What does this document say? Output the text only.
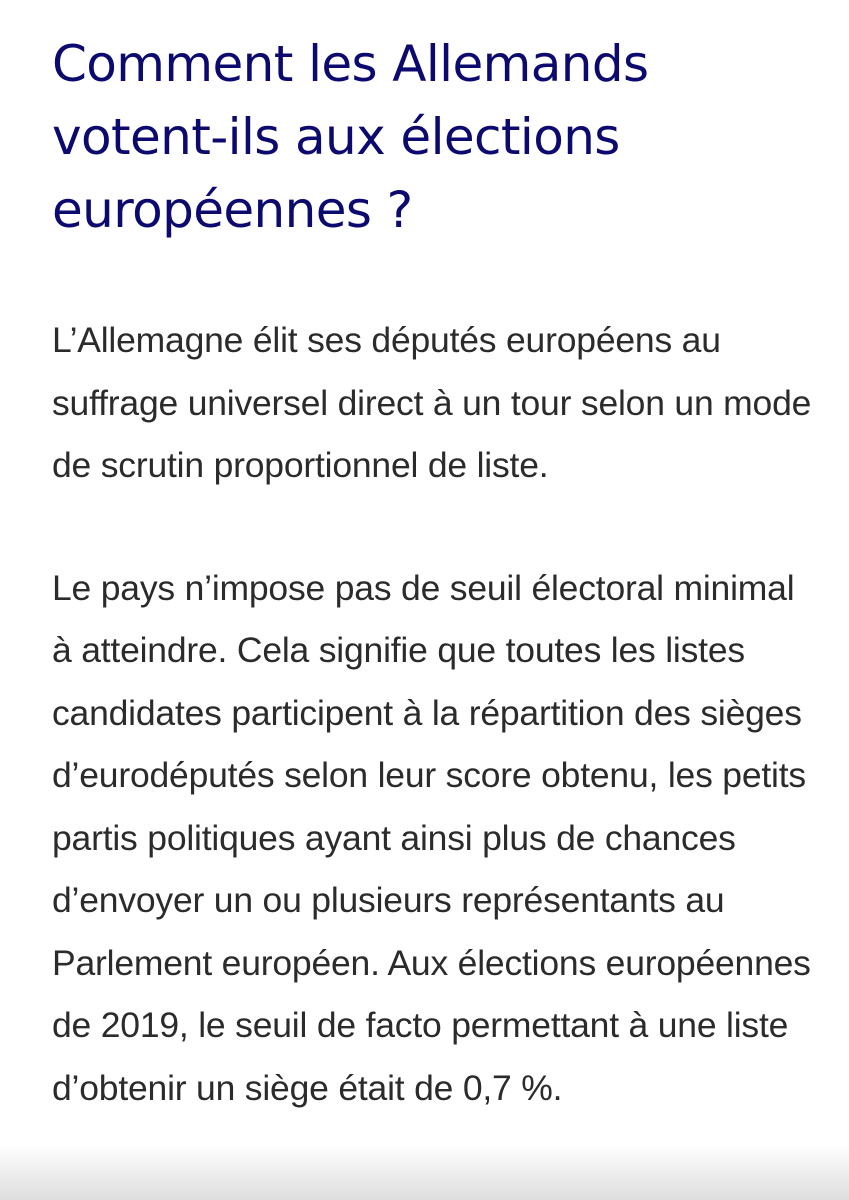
Comment les Allemands votent-ils aux élections européennes ?

L’Allemagne élit ses députés européens au suffrage universel direct à un tour selon un mode de scrutin proportionnel de liste.

Le pays n’impose pas de seuil électoral minimal à atteindre. Cela signifie que toutes les listes candidates participent à la répartition des sièges d’eurodéputés selon leur score obtenu, les petits partis politiques ayant ainsi plus de chances d’envoyer un ou plusieurs représentants au Parlement européen. Aux élections européennes de 2019, le seuil de facto permettant à une liste d’obtenir un siège était de 0,7 %.
